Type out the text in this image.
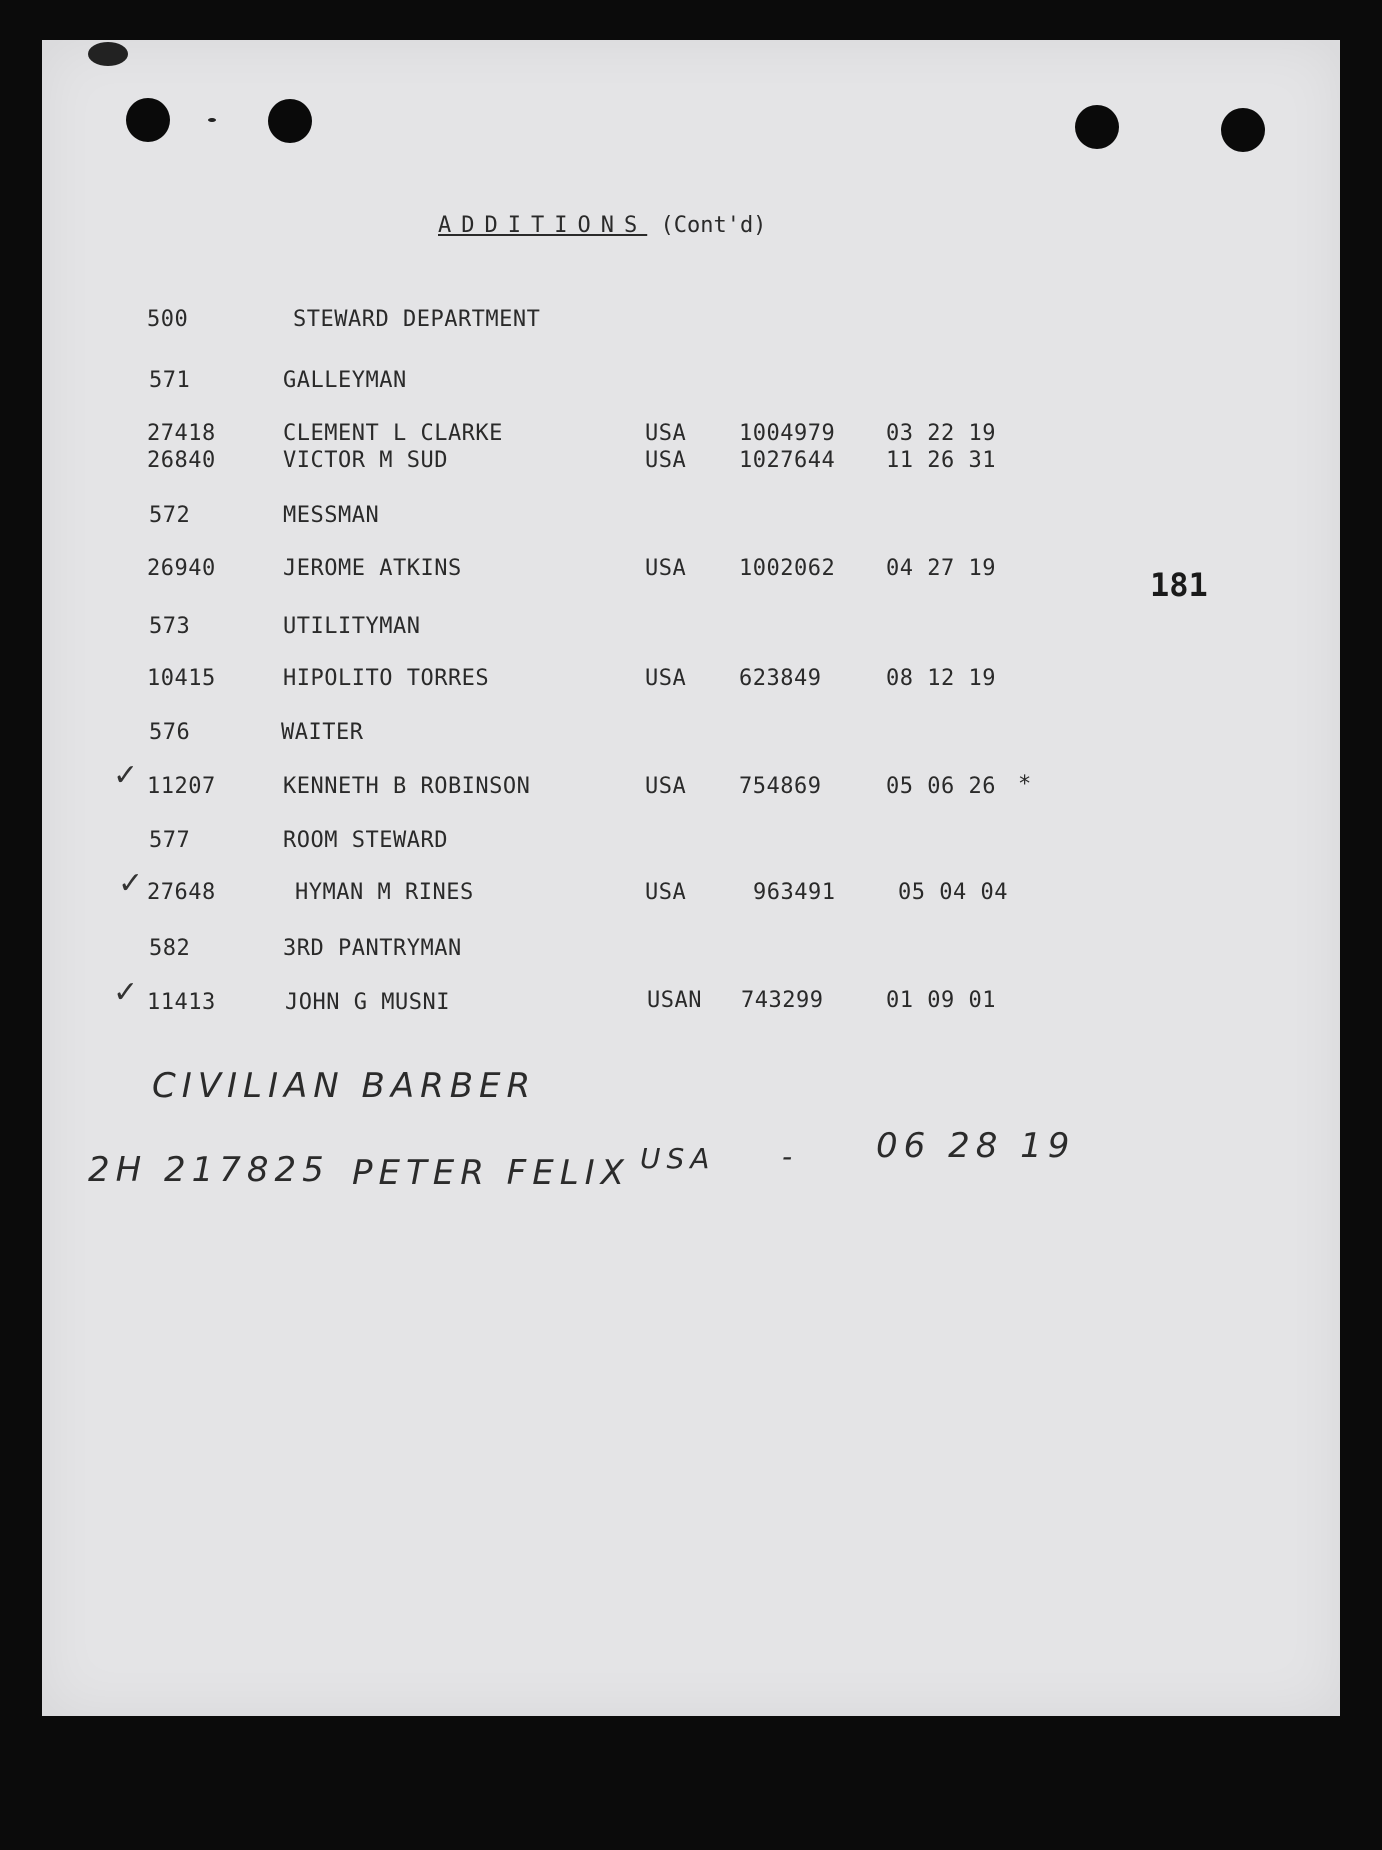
ADDITIONS (Cont'd)
181
500	STEWARD DEPARTMENT
571	GALLEYMAN
27418	CLEMENT L CLARKE	USA 1004979 03 22 19
26840	VICTOR M SUD	USA 1027644 11 26 31
572	MESSMAN
26940	JEROME ATKINS	USA 1002062 04 27 19
573	UTILITYMAN
10415	HIPOLITO TORRES	USA 623849	08 12 19
576	WAITER
✓ 11207	KENNETH B ROBINSON	USA 754869	05 06 26 *
577	ROOM STEWARD
✓ 27648	HYMAN M RINES	USA	963491	05 04 04
582	3RD PANTRYMAN
✓ 11413	JOHN G MUSNI	USAN 743299	01 09 01
CIVILIAN BARBER
2H 217825 PETER FELIX USA - 06 28 19
